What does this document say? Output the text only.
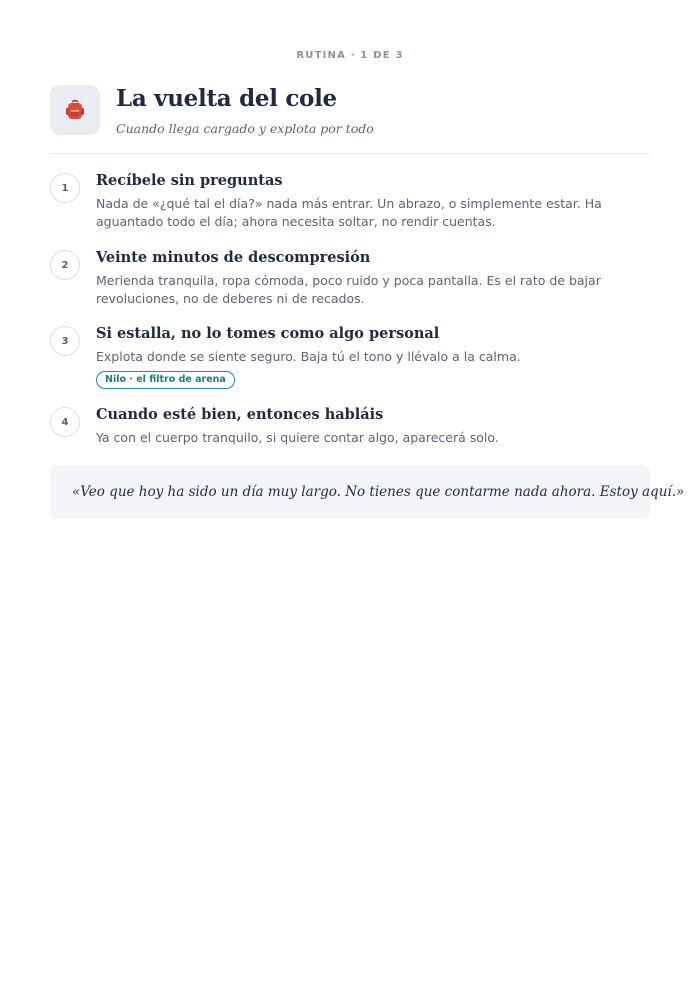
RUTINA · 1 DE 3
La vuelta del cole
Cuando llega cargado y explota por todo
1	Recíbele sin preguntas
Nada de «¿qué tal el día?» nada más entrar. Un abrazo, o simplemente estar. Ha aguantado todo el día; ahora necesita soltar, no rendir cuentas.
2	Veinte minutos de descompresión
Merienda tranquila, ropa cómoda, poco ruido y poca pantalla. Es el rato de bajar revoluciones, no de deberes ni de recados.
3	Si estalla, no lo tomes como algo personal
Explota donde se siente seguro. Baja tú el tono y llévalo a la calma.
Nilo · el filtro de arena
4	Cuando esté bien, entonces habláis
Ya con el cuerpo tranquilo, si quiere contar algo, aparecerá solo.
«Veo que hoy ha sido un día muy largo. No tienes que contarme nada ahora. Estoy aquí.»
